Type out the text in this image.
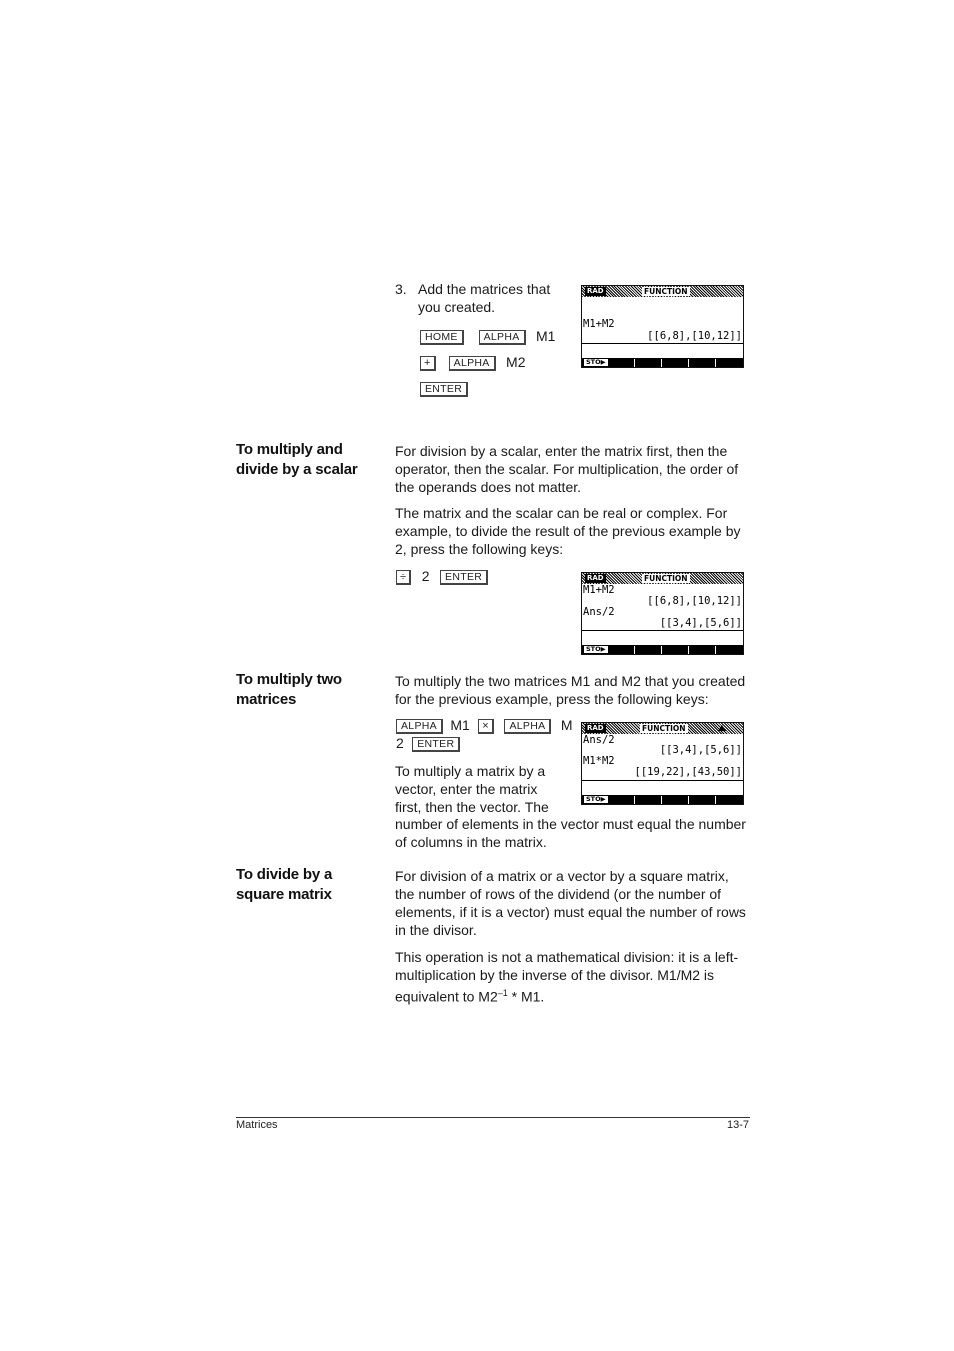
3. Add the matrices that
you created.
HOME ALPHA M1
+ ALPHA M2
ENTER
RAD	FUNCTION
M1+M2
[[6,8],[10,12]]
STO▶
To multiply and
divide by a scalar
For division by a scalar, enter the matrix first, then the
operator, then the scalar. For multiplication, the order of
the operands does not matter.
The matrix and the scalar can be real or complex. For
example, to divide the result of the previous example by
2, press the following keys:
÷ 2 ENTER	RAD	FUNCTION
M1+M2
[[6,8],[10,12]]
Ans/2
[[3,4],[5,6]]
STO▶
To multiply two
matrices
To multiply the two matrices M1 and M2 that you created
for the previous example, press the following keys:
ALPHA M1 × ALPHA M
2 ENTER
To multiply a matrix by a
vector, enter the matrix
first, then the vector. The
number of elements in the vector must equal the number
of columns in the matrix.
RAD	FUNCTION
Ans/2
[[3,4],[5,6]]
M1*M2
[[19,22],[43,50]]
STO▶
To divide by a
square matrix
For division of a matrix or a vector by a square matrix,
the number of rows of the dividend (or the number of
elements, if it is a vector) must equal the number of rows
in the divisor.
This operation is not a mathematical division: it is a left-
multiplication by the inverse of the divisor. M1/M2 is
equivalent to $M2^{-1} * M1$.
Matrices	13-7
